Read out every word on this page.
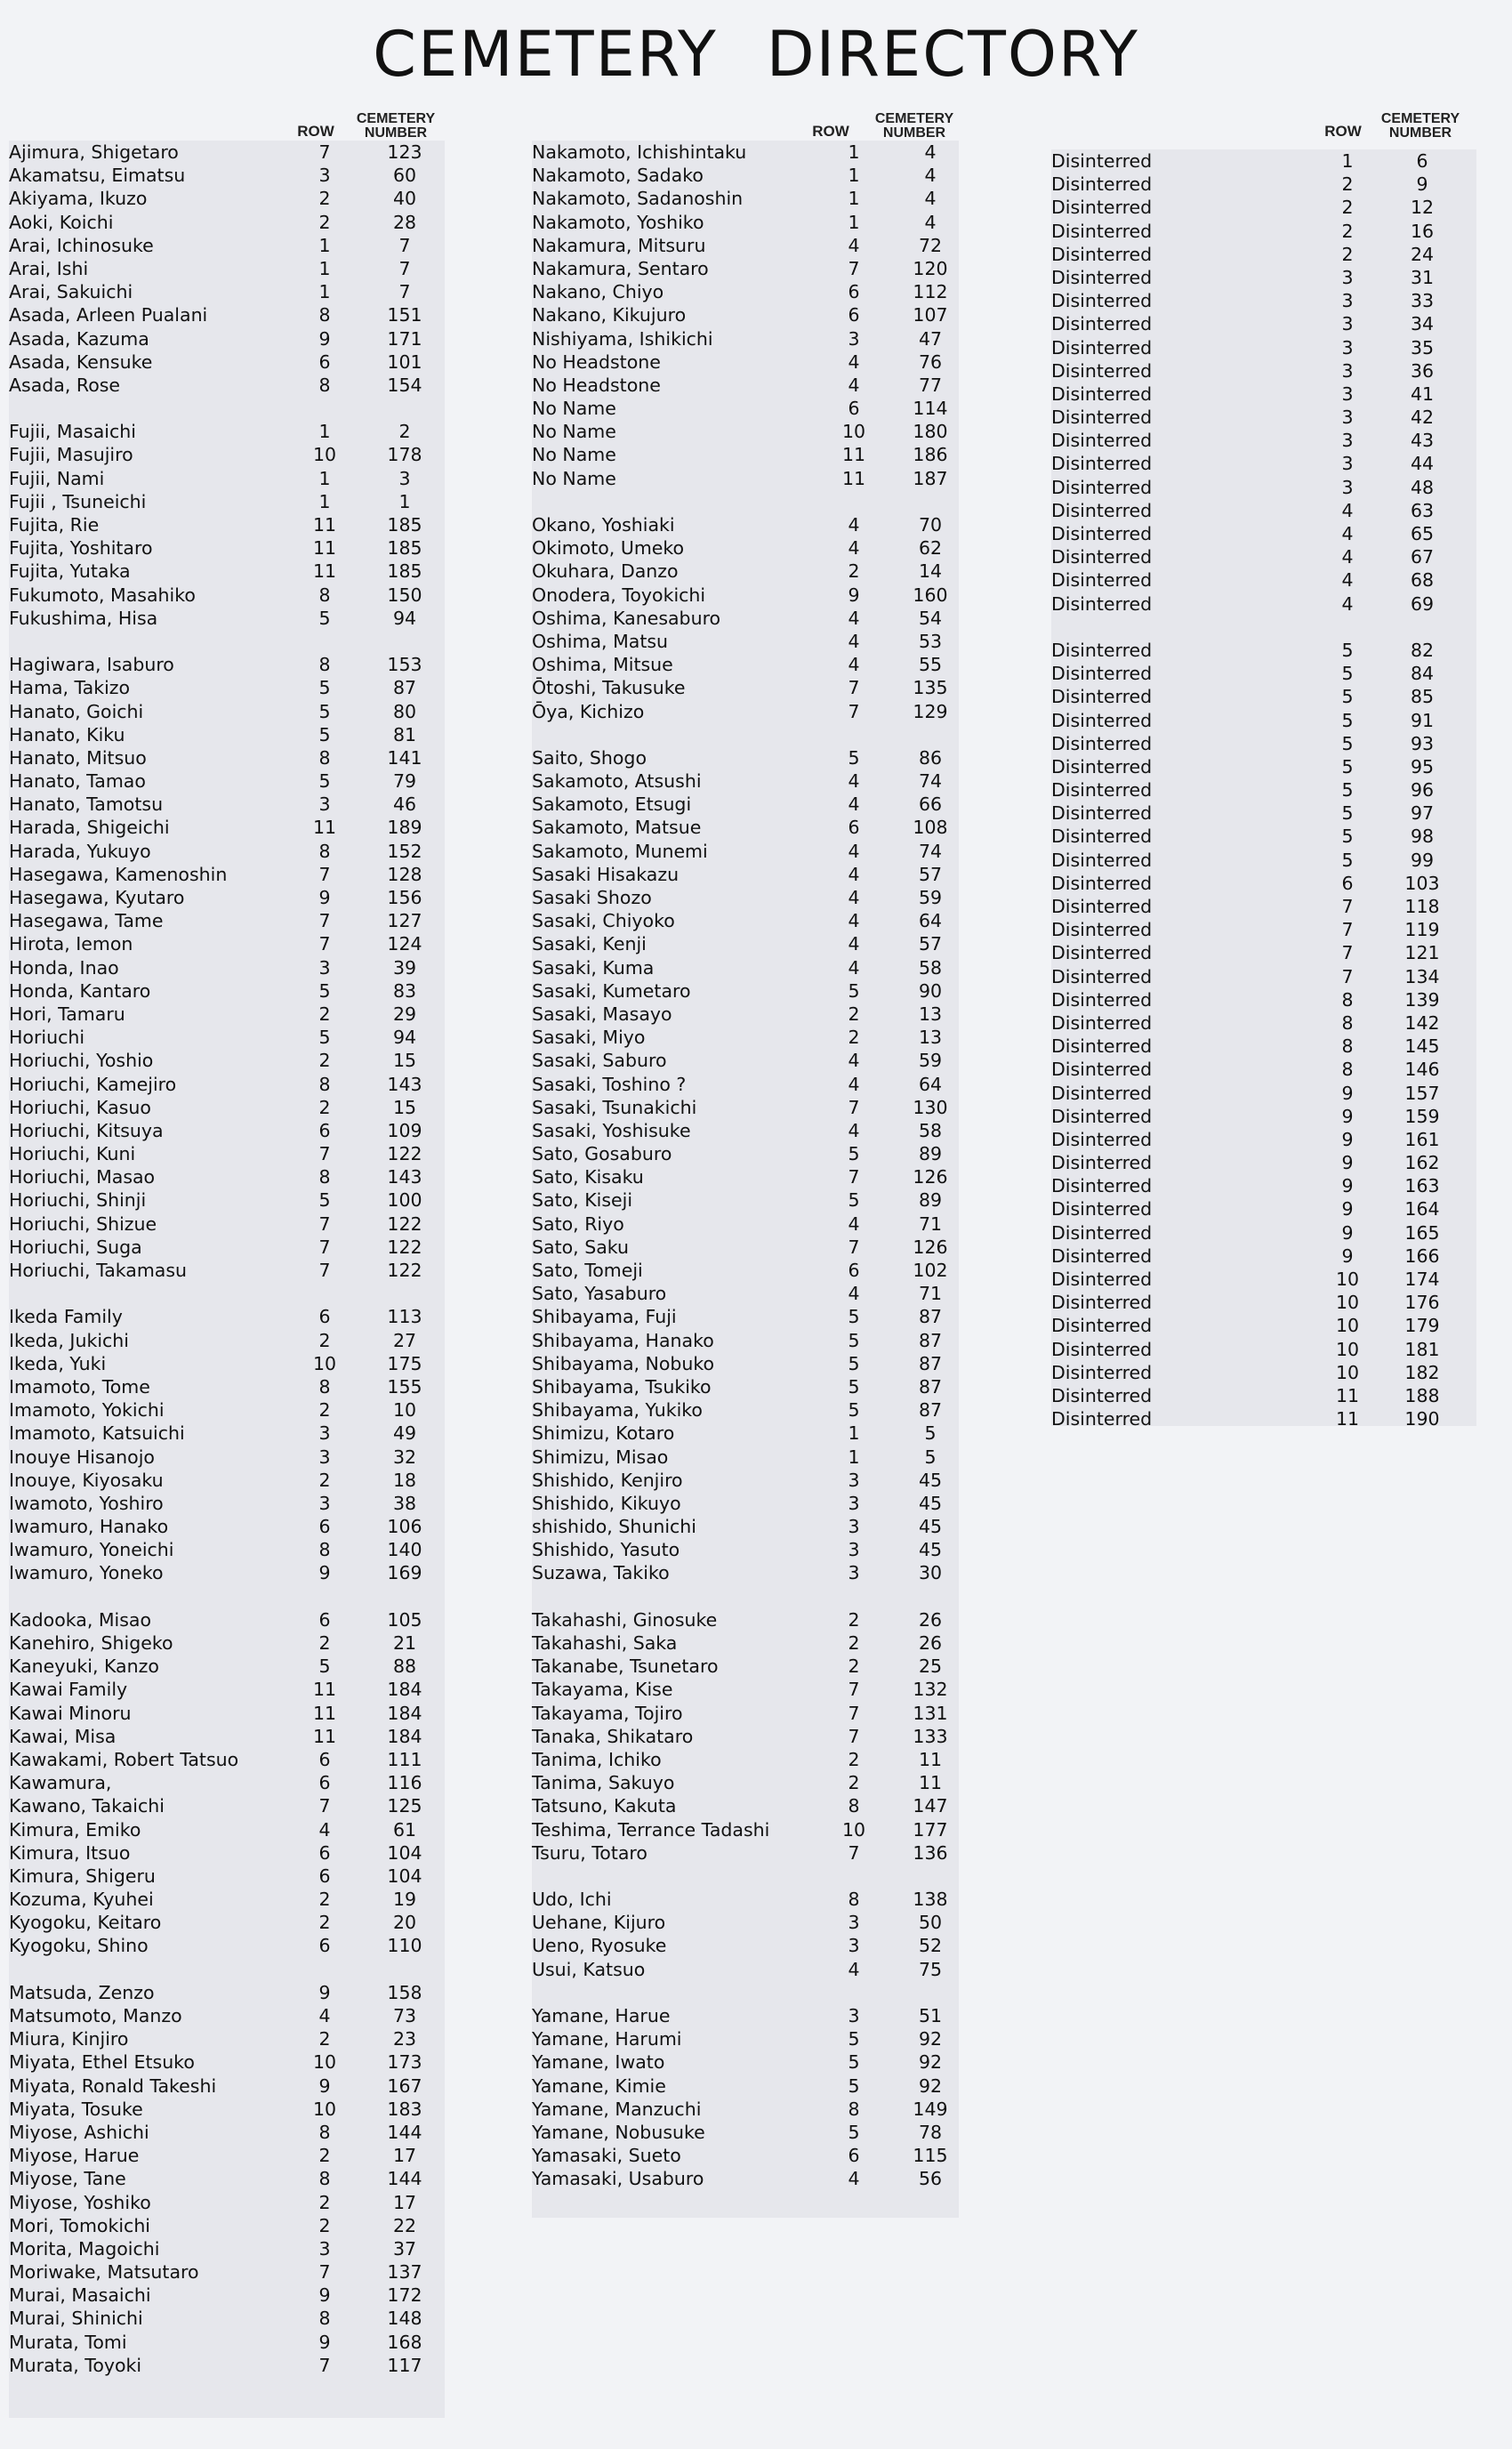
CEMETERY DIRECTORY
ROW
CEMETERY
NUMBER
Ajimura, Shigetaro	7	123
Akamatsu, Eimatsu	3	60
Akiyama, Ikuzo	2	40
Aoki, Koichi	2	28
Arai, Ichinosuke	1	7
Arai, Ishi	1	7
Arai, Sakuichi	1	7
Asada, Arleen Pualani	8	151
Asada, Kazuma	9	171
Asada, Kensuke	6	101
Asada, Rose	8	154
Fujii, Masaichi	1	2
Fujii, Masujiro	10	178
Fujii, Nami	1	3
Fujii , Tsuneichi	1	1
Fujita, Rie	11	185
Fujita, Yoshitaro	11	185
Fujita, Yutaka	11	185
Fukumoto, Masahiko	8	150
Fukushima, Hisa	5	94
Hagiwara, Isaburo	8	153
Hama, Takizo	5	87
Hanato, Goichi	5	80
Hanato, Kiku	5	81
Hanato, Mitsuo	8	141
Hanato, Tamao	5	79
Hanato, Tamotsu	3	46
Harada, Shigeichi	11	189
Harada, Yukuyo	8	152
Hasegawa, Kamenoshin	7	128
Hasegawa, Kyutaro	9	156
Hasegawa, Tame	7	127
Hirota, Iemon	7	124
Honda, Inao	3	39
Honda, Kantaro	5	83
Hori, Tamaru	2	29
Horiuchi	5	94
Horiuchi, Yoshio	2	15
Horiuchi, Kamejiro	8	143
Horiuchi, Kasuo	2	15
Horiuchi, Kitsuya	6	109
Horiuchi, Kuni	7	122
Horiuchi, Masao	8	143
Horiuchi, Shinji	5	100
Horiuchi, Shizue	7	122
Horiuchi, Suga	7	122
Horiuchi, Takamasu	7	122
Ikeda Family	6	113
Ikeda, Jukichi	2	27
Ikeda, Yuki	10	175
Imamoto, Tome	8	155
Imamoto, Yokichi	2	10
Imamoto, Katsuichi	3	49
Inouye Hisanojo	3	32
Inouye, Kiyosaku	2	18
Iwamoto, Yoshiro	3	38
Iwamuro, Hanako	6	106
Iwamuro, Yoneichi	8	140
Iwamuro, Yoneko	9	169
Kadooka, Misao	6	105
Kanehiro, Shigeko	2	21
Kaneyuki, Kanzo	5	88
Kawai Family	11	184
Kawai Minoru	11	184
Kawai, Misa	11	184
Kawakami, Robert Tatsuo	6	111
Kawamura,	6	116
Kawano, Takaichi	7	125
Kimura, Emiko	4	61
Kimura, Itsuo	6	104
Kimura, Shigeru	6	104
Kozuma, Kyuhei	2	19
Kyogoku, Keitaro	2	20
Kyogoku, Shino	6	110
Matsuda, Zenzo	9	158
Matsumoto, Manzo	4	73
Miura, Kinjiro	2	23
Miyata, Ethel Etsuko	10	173
Miyata, Ronald Takeshi	9	167
Miyata, Tosuke	10	183
Miyose, Ashichi	8	144
Miyose, Harue	2	17
Miyose, Tane	8	144
Miyose, Yoshiko	2	17
Mori, Tomokichi	2	22
Morita, Magoichi	3	37
Moriwake, Matsutaro	7	137
Murai, Masaichi	9	172
Murai, Shinichi	8	148
Murata, Tomi	9	168
Murata, Toyoki	7	117
ROW
CEMETERY
NUMBER
Nakamoto, Ichishintaku	1	4
Nakamoto, Sadako	1	4
Nakamoto, Sadanoshin	1	4
Nakamoto, Yoshiko	1	4
Nakamura, Mitsuru	4	72
Nakamura, Sentaro	7	120
Nakano, Chiyo	6	112
Nakano, Kikujuro	6	107
Nishiyama, Ishikichi	3	47
No Headstone	4	76
No Headstone	4	77
No Name	6	114
No Name	10	180
No Name	11	186
No Name	11	187
Okano, Yoshiaki	4	70
Okimoto, Umeko	4	62
Okuhara, Danzo	2	14
Onodera, Toyokichi	9	160
Oshima, Kanesaburo	4	54
Oshima, Matsu	4	53
Oshima, Mitsue	4	55
Ōtoshi, Takusuke	7	135
Ōya, Kichizo	7	129
Saito, Shogo	5	86
Sakamoto, Atsushi	4	74
Sakamoto, Etsugi	4	66
Sakamoto, Matsue	6	108
Sakamoto, Munemi	4	74
Sasaki Hisakazu	4	57
Sasaki Shozo	4	59
Sasaki, Chiyoko	4	64
Sasaki, Kenji	4	57
Sasaki, Kuma	4	58
Sasaki, Kumetaro	5	90
Sasaki, Masayo	2	13
Sasaki, Miyo	2	13
Sasaki, Saburo	4	59
Sasaki, Toshino ?	4	64
Sasaki, Tsunakichi	7	130
Sasaki, Yoshisuke	4	58
Sato, Gosaburo	5	89
Sato, Kisaku	7	126
Sato, Kiseji	5	89
Sato, Riyo	4	71
Sato, Saku	7	126
Sato, Tomeji	6	102
Sato, Yasaburo	4	71
Shibayama, Fuji	5	87
Shibayama, Hanako	5	87
Shibayama, Nobuko	5	87
Shibayama, Tsukiko	5	87
Shibayama, Yukiko	5	87
Shimizu, Kotaro	1	5
Shimizu, Misao	1	5
Shishido, Kenjiro	3	45
Shishido, Kikuyo	3	45
shishido, Shunichi	3	45
Shishido, Yasuto	3	45
Suzawa, Takiko	3	30
Takahashi, Ginosuke	2	26
Takahashi, Saka	2	26
Takanabe, Tsunetaro	2	25
Takayama, Kise	7	132
Takayama, Tojiro	7	131
Tanaka, Shikataro	7	133
Tanima, Ichiko	2	11
Tanima, Sakuyo	2	11
Tatsuno, Kakuta	8	147
Teshima, Terrance Tadashi	10	177
Tsuru, Totaro	7	136
Udo, Ichi	8	138
Uehane, Kijuro	3	50
Ueno, Ryosuke	3	52
Usui, Katsuo	4	75
Yamane, Harue	3	51
Yamane, Harumi	5	92
Yamane, Iwato	5	92
Yamane, Kimie	5	92
Yamane, Manzuchi	8	149
Yamane, Nobusuke	5	78
Yamasaki, Sueto	6	115
Yamasaki, Usaburo	4	56
ROW
CEMETERY
NUMBER
Disinterred	1	6
Disinterred	2	9
Disinterred	2	12
Disinterred	2	16
Disinterred	2	24
Disinterred	3	31
Disinterred	3	33
Disinterred	3	34
Disinterred	3	35
Disinterred	3	36
Disinterred	3	41
Disinterred	3	42
Disinterred	3	43
Disinterred	3	44
Disinterred	3	48
Disinterred	4	63
Disinterred	4	65
Disinterred	4	67
Disinterred	4	68
Disinterred	4	69
Disinterred	5	82
Disinterred	5	84
Disinterred	5	85
Disinterred	5	91
Disinterred	5	93
Disinterred	5	95
Disinterred	5	96
Disinterred	5	97
Disinterred	5	98
Disinterred	5	99
Disinterred	6	103
Disinterred	7	118
Disinterred	7	119
Disinterred	7	121
Disinterred	7	134
Disinterred	8	139
Disinterred	8	142
Disinterred	8	145
Disinterred	8	146
Disinterred	9	157
Disinterred	9	159
Disinterred	9	161
Disinterred	9	162
Disinterred	9	163
Disinterred	9	164
Disinterred	9	165
Disinterred	9	166
Disinterred	10	174
Disinterred	10	176
Disinterred	10	179
Disinterred	10	181
Disinterred	10	182
Disinterred	11	188
Disinterred	11	190
